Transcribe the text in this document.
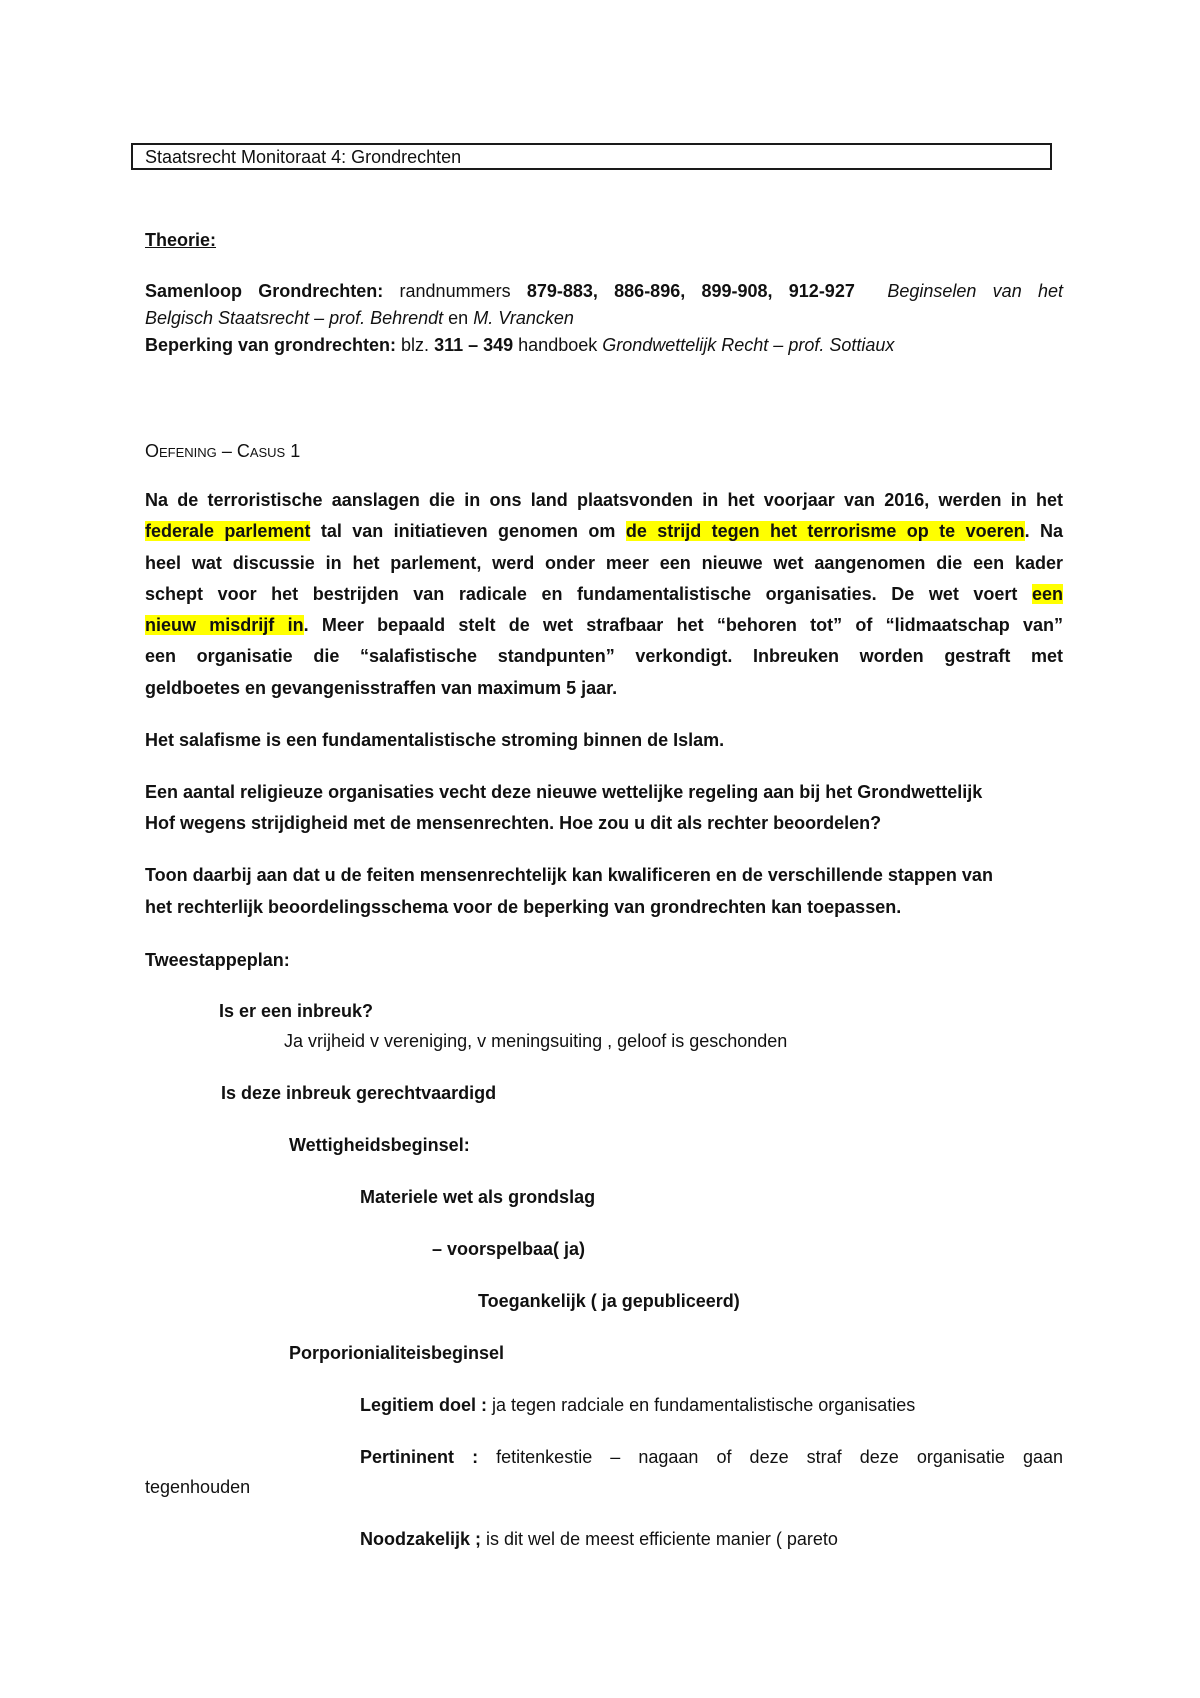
Staatsrecht Monitoraat 4: Grondrechten
Theorie:
Samenloop Grondrechten: randnummers 879-883, 886-896, 899-908, 912-927 Beginselen van het
Belgisch Staatsrecht – prof. Behrendt en M. Vrancken
Beperking van grondrechten: blz. 311 – 349 handboek Grondwettelijk Recht – prof. Sottiaux
OEFENING – CASUS 1
Na de terroristische aanslagen die in ons land plaatsvonden in het voorjaar van 2016, werden in het
federale parlement tal van initiatieven genomen om de strijd tegen het terrorisme op te voeren. Na
heel wat discussie in het parlement, werd onder meer een nieuwe wet aangenomen die een kader
schept voor het bestrijden van radicale en fundamentalistische organisaties. De wet voert een
nieuw misdrijf in. Meer bepaald stelt de wet strafbaar het “behoren tot” of “lidmaatschap van”
een organisatie die “salafistische standpunten” verkondigt. Inbreuken worden gestraft met
geldboetes en gevangenisstraffen van maximum 5 jaar.
Het salafisme is een fundamentalistische stroming binnen de Islam.
Een aantal religieuze organisaties vecht deze nieuwe wettelijke regeling aan bij het Grondwettelijk
Hof wegens strijdigheid met de mensenrechten. Hoe zou u dit als rechter beoordelen?
Toon daarbij aan dat u de feiten mensenrechtelijk kan kwalificeren en de verschillende stappen van
het rechterlijk beoordelingsschema voor de beperking van grondrechten kan toepassen.
Tweestappeplan:
Is er een inbreuk?
Ja vrijheid v vereniging, v meningsuiting , geloof is geschonden
Is deze inbreuk gerechtvaardigd
Wettigheidsbeginsel:
Materiele wet als grondslag
– voorspelbaa( ja)
Toegankelijk ( ja gepubliceerd)
Porporionialiteisbeginsel
Legitiem doel : ja tegen radciale en fundamentalistische organisaties
Pertininent : fetitenkestie – nagaan of deze straf deze organisatie gaan
tegenhouden
Noodzakelijk ; is dit wel de meest efficiente manier ( pareto
